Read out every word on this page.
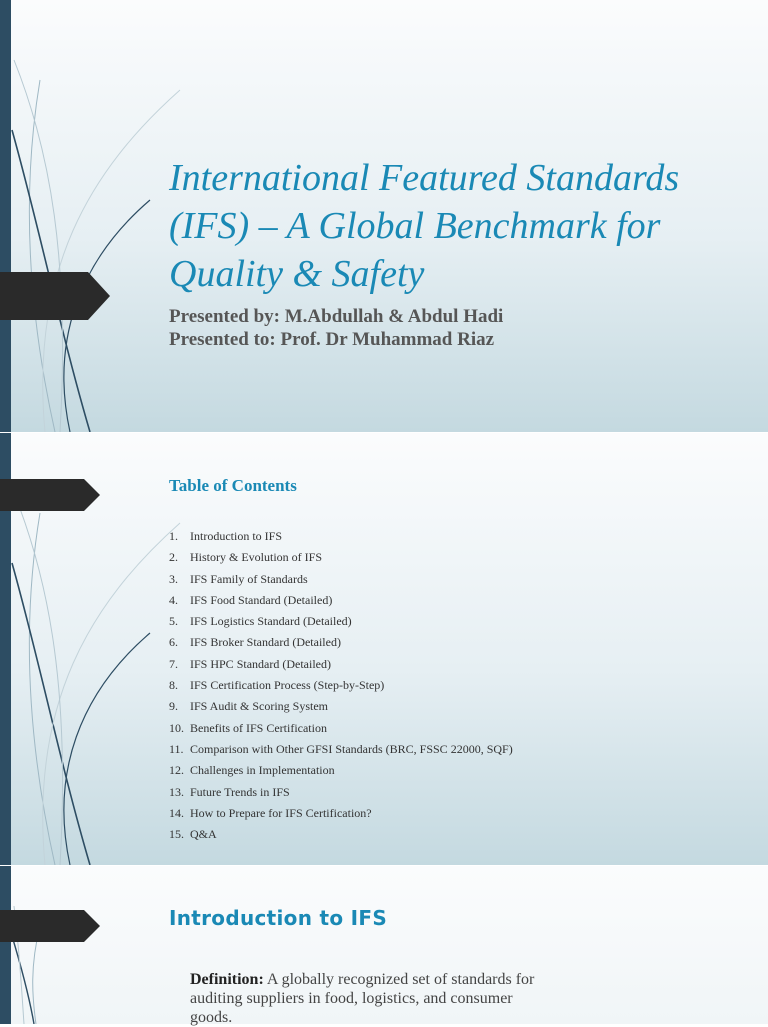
International Featured Standards (IFS) – A Global Benchmark for Quality & Safety
Presented by: M.Abdullah & Abdul Hadi
Presented to: Prof. Dr Muhammad Riaz
Table of Contents
1. Introduction to IFS
2. History & Evolution of IFS
3. IFS Family of Standards
4. IFS Food Standard (Detailed)
5. IFS Logistics Standard (Detailed)
6. IFS Broker Standard (Detailed)
7. IFS HPC Standard (Detailed)
8. IFS Certification Process (Step-by-Step)
9. IFS Audit & Scoring System
10. Benefits of IFS Certification
11. Comparison with Other GFSI Standards (BRC, FSSC 22000, SQF)
12. Challenges in Implementation
13. Future Trends in IFS
14. How to Prepare for IFS Certification?
15. Q&A
Introduction to IFS

Definition: A globally recognized set of standards for auditing suppliers in food, logistics, and consumer goods.
